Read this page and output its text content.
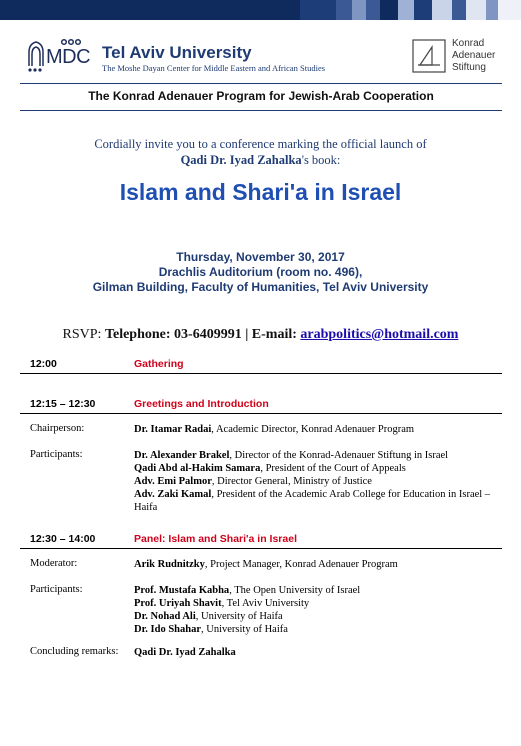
MDC Tel Aviv University
The Moshe Dayan Center for Middle Eastern and African Studies
Konrad
Adenauer
Stiftung
The Konrad Adenauer Program for Jewish-Arab Cooperation
Cordially invite you to a conference marking the official launch of
Qadi Dr. Iyad Zahalka's book:
Islam and Shari'a in Israel
Thursday, November 30, 2017
Drachlis Auditorium (room no. 496),
Gilman Building, Faculty of Humanities, Tel Aviv University
RSVP: Telephone: 03-6409991 | E-mail: arabpolitics@hotmail.com
12:00	Gathering
12:15 – 12:30	Greetings and Introduction
Chairperson:	Dr. Itamar Radai, Academic Director, Konrad Adenauer Program
Participants:	Dr. Alexander Brakel, Director of the Konrad-Adenauer Stiftung in Israel
Qadi Abd al-Hakim Samara, President of the Court of Appeals
Adv. Emi Palmor, Director General, Ministry of Justice
Adv. Zaki Kamal, President of the Academic Arab College for Education in Israel – Haifa
12:30 – 14:00	Panel: Islam and Shari'a in Israel
Moderator:	Arik Rudnitzky, Project Manager, Konrad Adenauer Program
Participants:	Prof. Mustafa Kabha, The Open University of Israel
Prof. Uriyah Shavit, Tel Aviv University
Dr. Nohad Ali, University of Haifa
Dr. Ido Shahar, University of Haifa
Concluding remarks: Qadi Dr. Iyad Zahalka
